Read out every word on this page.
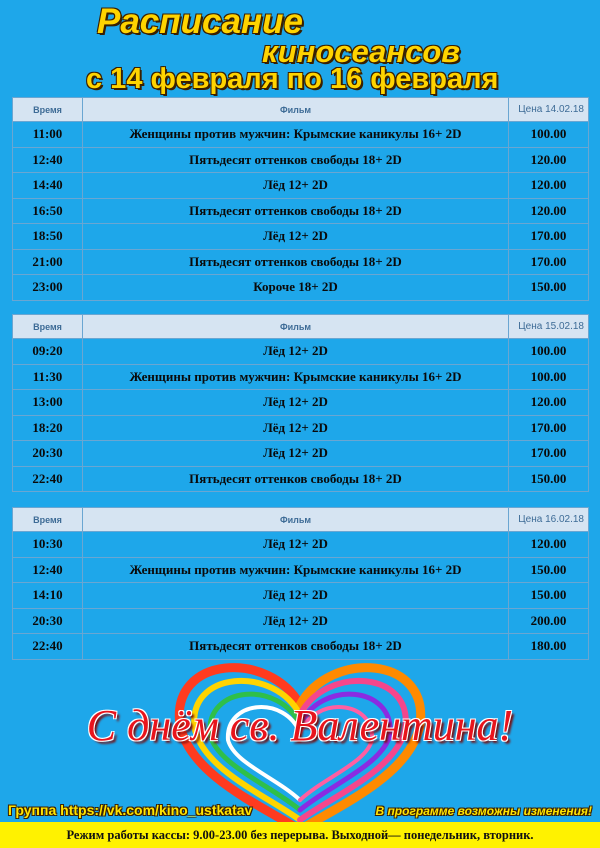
Расписание
киносеансов
с 14 февраля по 16 февраля
Время	Фильм	Цена 14.02.18
11:00	Женщины против мужчин: Крымские каникулы 16+ 2D	100.00
12:40	Пятьдесят оттенков свободы 18+ 2D	120.00
14:40	Лёд 12+ 2D	120.00
16:50	Пятьдесят оттенков свободы 18+ 2D	120.00
18:50	Лёд 12+ 2D	170.00
21:00	Пятьдесят оттенков свободы 18+ 2D	170.00
23:00	Короче 18+ 2D	150.00
Время	Фильм	Цена 15.02.18
09:20	Лёд 12+ 2D	100.00
11:30	Женщины против мужчин: Крымские каникулы 16+ 2D	100.00
13:00	Лёд 12+ 2D	120.00
18:20	Лёд 12+ 2D	170.00
20:30	Лёд 12+ 2D	170.00
22:40	Пятьдесят оттенков свободы 18+ 2D	150.00
Время	Фильм	Цена 16.02.18
10:30	Лёд 12+ 2D	120.00
12:40	Женщины против мужчин: Крымские каникулы 16+ 2D	150.00
14:10	Лёд 12+ 2D	150.00
20:30	Лёд 12+ 2D	200.00
22:40	Пятьдесят оттенков свободы 18+ 2D	180.00
С днём св. Валентина!
Группа https://vk.com/kino_ustkatav	В программе возможны изменения!
Режим работы кассы: 9.00-23.00 без перерыва. Выходной— понедельник, вторник.
